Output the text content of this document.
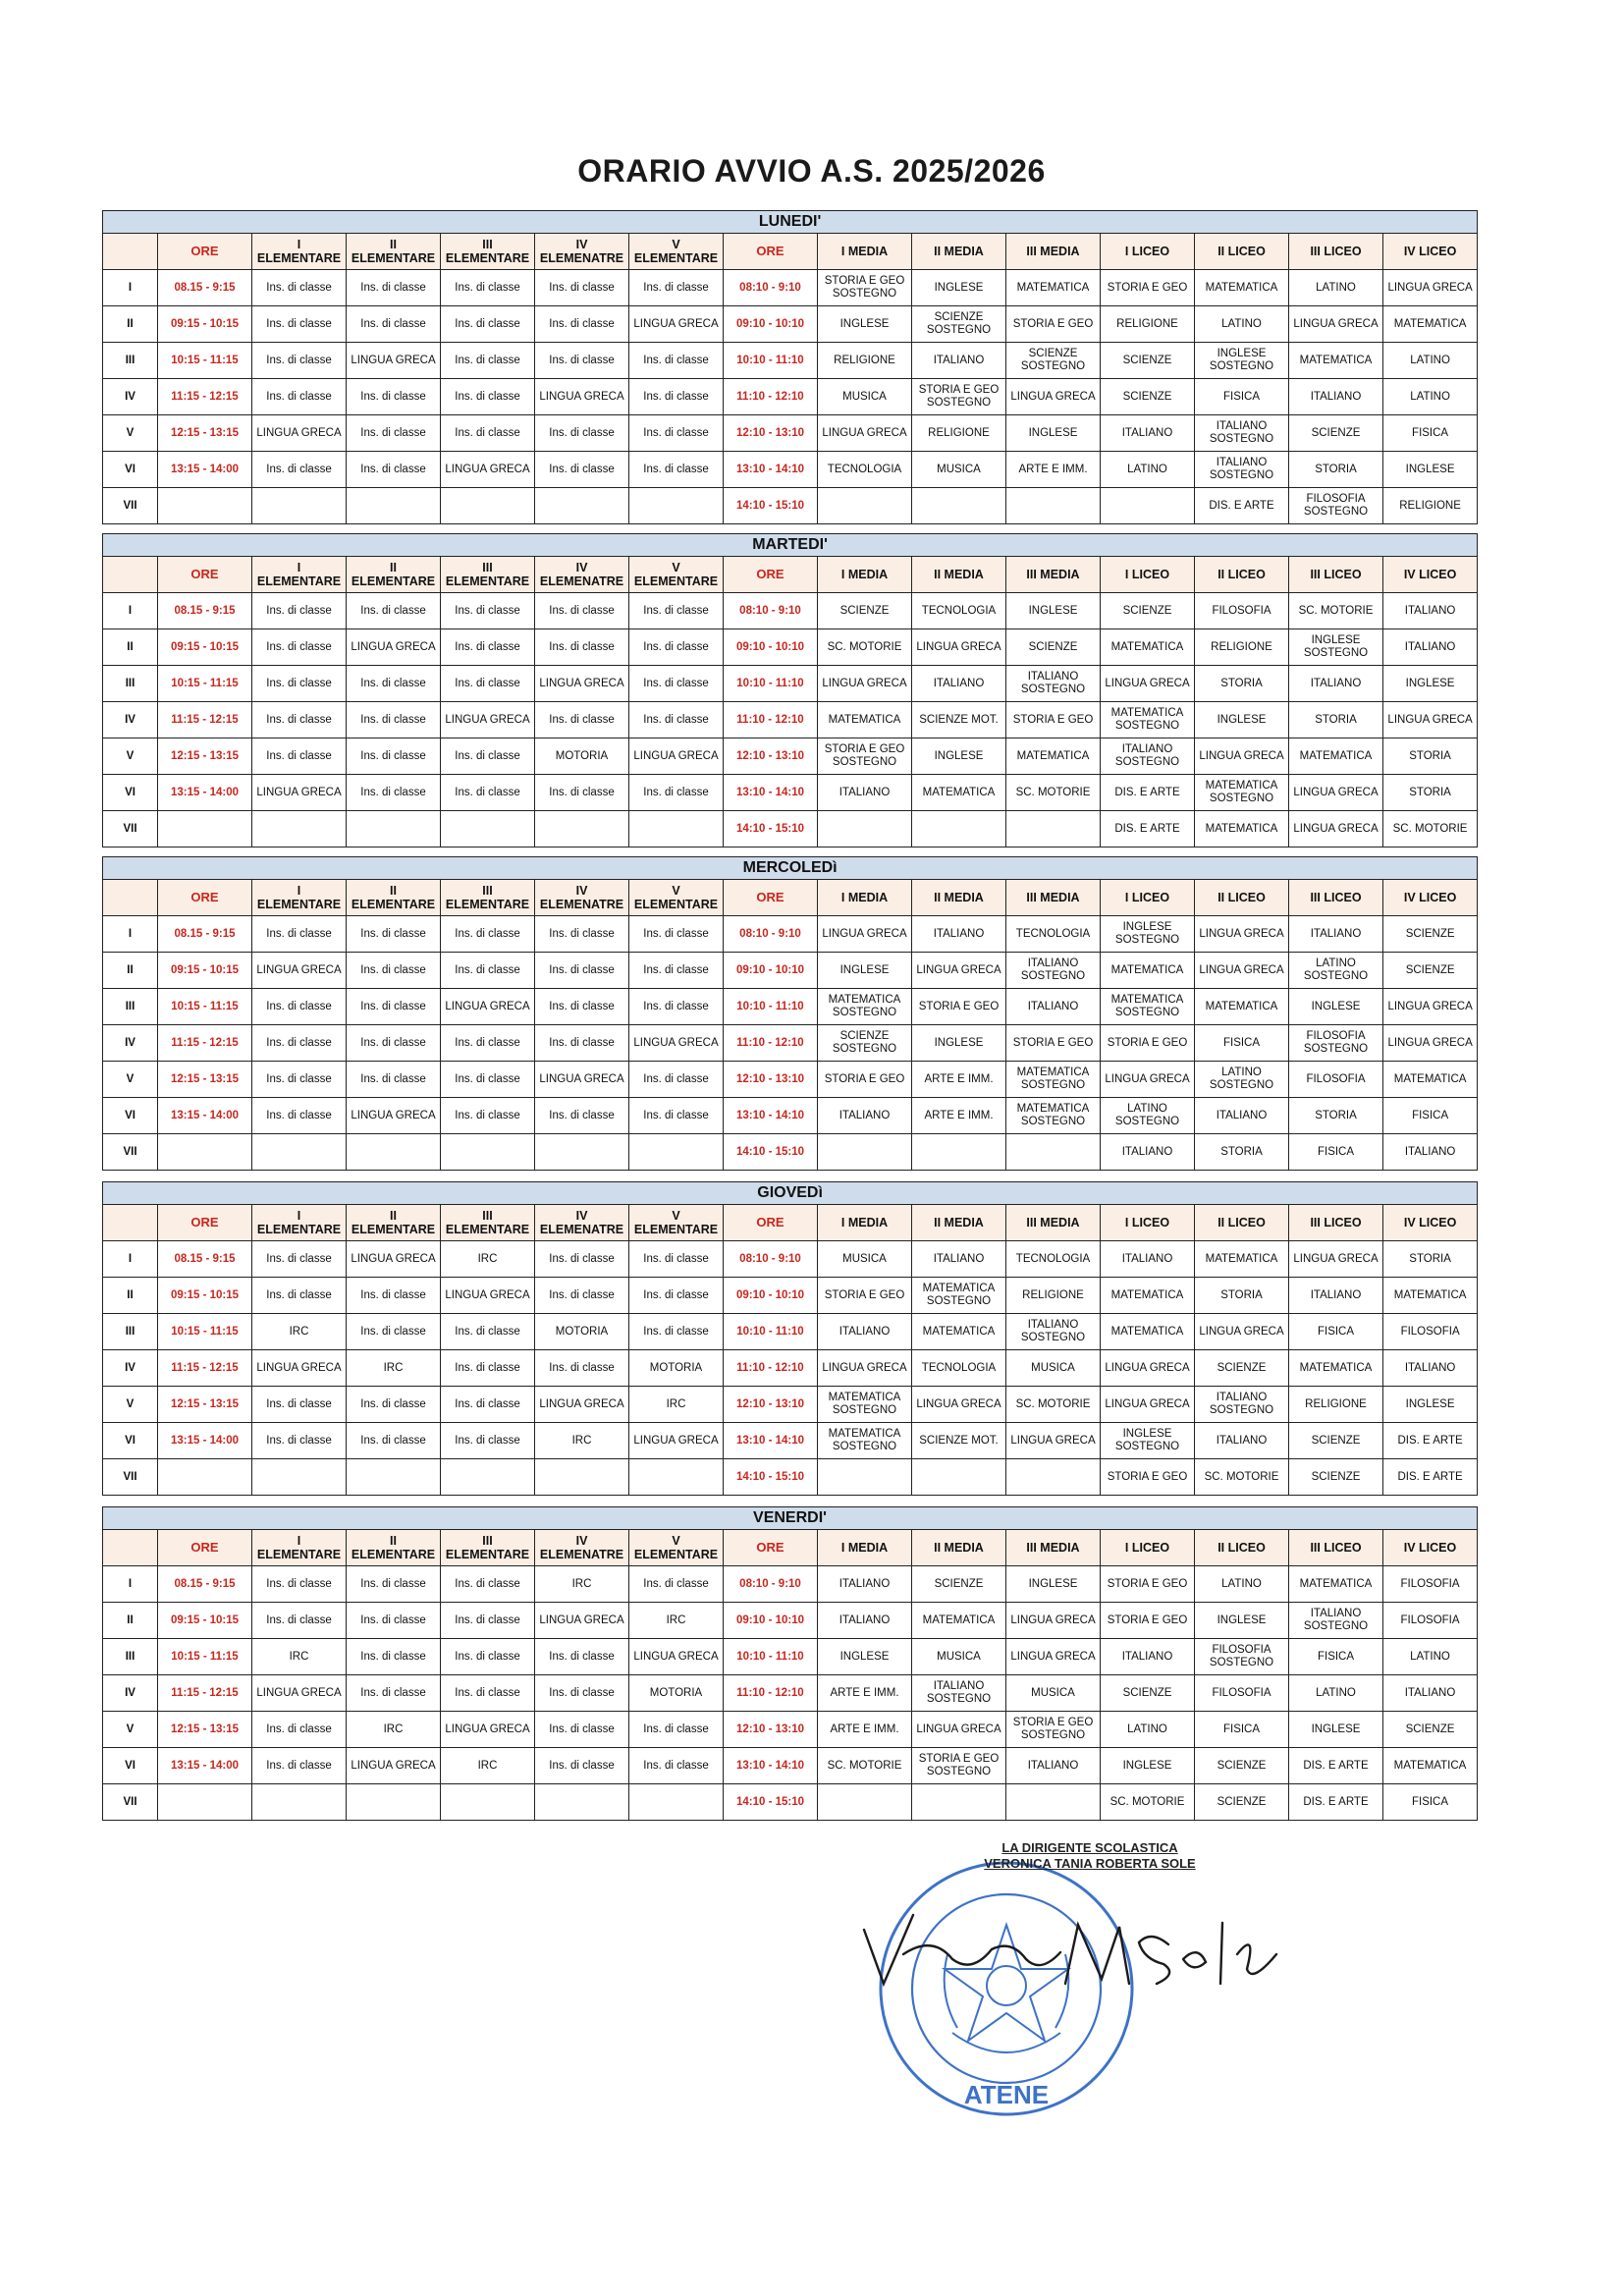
ORARIO AVVIO A.S. 2025/2026
LUNEDI'														
	ORE	I ELEMENTARE	II ELEMENTARE	III ELEMENTARE	IV ELEMENATRE	V ELEMENTARE	ORE	I MEDIA	II MEDIA	III MEDIA	I LICEO	II LICEO	III LICEO	IV LICEO
I	08.15 - 9:15	Ins. di classe	Ins. di classe	Ins. di classe	Ins. di classe	Ins. di classe	08:10 - 9:10	STORIA E GEO SOSTEGNO	INGLESE	MATEMATICA	STORIA E GEO	MATEMATICA	LATINO	LINGUA GRECA
II	09:15 - 10:15	Ins. di classe	Ins. di classe	Ins. di classe	Ins. di classe	LINGUA GRECA	09:10 - 10:10	INGLESE	SCIENZE SOSTEGNO	STORIA E GEO	RELIGIONE	LATINO	LINGUA GRECA	MATEMATICA
III	10:15 - 11:15	Ins. di classe	LINGUA GRECA	Ins. di classe	Ins. di classe	Ins. di classe	10:10 - 11:10	RELIGIONE	ITALIANO	SCIENZE SOSTEGNO	SCIENZE	INGLESE SOSTEGNO	MATEMATICA	LATINO
IV	11:15 - 12:15	Ins. di classe	Ins. di classe	Ins. di classe	LINGUA GRECA	Ins. di classe	11:10 - 12:10	MUSICA	STORIA E GEO SOSTEGNO	LINGUA GRECA	SCIENZE	FISICA	ITALIANO	LATINO
V	12:15 - 13:15	LINGUA GRECA	Ins. di classe	Ins. di classe	Ins. di classe	Ins. di classe	12:10 - 13:10	LINGUA GRECA	RELIGIONE	INGLESE	ITALIANO	ITALIANO SOSTEGNO	SCIENZE	FISICA
VI	13:15 - 14:00	Ins. di classe	Ins. di classe	LINGUA GRECA	Ins. di classe	Ins. di classe	13:10 - 14:10	TECNOLOGIA	MUSICA	ARTE E IMM.	LATINO	ITALIANO SOSTEGNO	STORIA	INGLESE
VII							14:10 - 15:10					DIS. E ARTE	FILOSOFIA SOSTEGNO	RELIGIONE
MARTEDI'														
	ORE	I ELEMENTARE	II ELEMENTARE	III ELEMENTARE	IV ELEMENATRE	V ELEMENTARE	ORE	I MEDIA	II MEDIA	III MEDIA	I LICEO	II LICEO	III LICEO	IV LICEO
I	08.15 - 9:15	Ins. di classe	Ins. di classe	Ins. di classe	Ins. di classe	Ins. di classe	08:10 - 9:10	SCIENZE	TECNOLOGIA	INGLESE	SCIENZE	FILOSOFIA	SC. MOTORIE	ITALIANO
II	09:15 - 10:15	Ins. di classe	LINGUA GRECA	Ins. di classe	Ins. di classe	Ins. di classe	09:10 - 10:10	SC. MOTORIE	LINGUA GRECA	SCIENZE	MATEMATICA	RELIGIONE	INGLESE SOSTEGNO	ITALIANO
III	10:15 - 11:15	Ins. di classe	Ins. di classe	Ins. di classe	LINGUA GRECA	Ins. di classe	10:10 - 11:10	LINGUA GRECA	ITALIANO	ITALIANO SOSTEGNO	LINGUA GRECA	STORIA	ITALIANO	INGLESE
IV	11:15 - 12:15	Ins. di classe	Ins. di classe	LINGUA GRECA	Ins. di classe	Ins. di classe	11:10 - 12:10	MATEMATICA	SCIENZE MOT.	STORIA E GEO	MATEMATICA SOSTEGNO	INGLESE	STORIA	LINGUA GRECA
V	12:15 - 13:15	Ins. di classe	Ins. di classe	Ins. di classe	MOTORIA	LINGUA GRECA	12:10 - 13:10	STORIA E GEO SOSTEGNO	INGLESE	MATEMATICA	ITALIANO SOSTEGNO	LINGUA GRECA	MATEMATICA	STORIA
VI	13:15 - 14:00	LINGUA GRECA	Ins. di classe	Ins. di classe	Ins. di classe	Ins. di classe	13:10 - 14:10	ITALIANO	MATEMATICA	SC. MOTORIE	DIS. E ARTE	MATEMATICA SOSTEGNO	LINGUA GRECA	STORIA
VII							14:10 - 15:10				DIS. E ARTE	MATEMATICA	LINGUA GRECA	SC. MOTORIE
MERCOLEDì														
	ORE	I ELEMENTARE	II ELEMENTARE	III ELEMENTARE	IV ELEMENATRE	V ELEMENTARE	ORE	I MEDIA	II MEDIA	III MEDIA	I LICEO	II LICEO	III LICEO	IV LICEO
I	08.15 - 9:15	Ins. di classe	Ins. di classe	Ins. di classe	Ins. di classe	Ins. di classe	08:10 - 9:10	LINGUA GRECA	ITALIANO	TECNOLOGIA	INGLESE SOSTEGNO	LINGUA GRECA	ITALIANO	SCIENZE
II	09:15 - 10:15	LINGUA GRECA	Ins. di classe	Ins. di classe	Ins. di classe	Ins. di classe	09:10 - 10:10	INGLESE	LINGUA GRECA	ITALIANO SOSTEGNO	MATEMATICA	LINGUA GRECA	LATINO SOSTEGNO	SCIENZE
III	10:15 - 11:15	Ins. di classe	Ins. di classe	LINGUA GRECA	Ins. di classe	Ins. di classe	10:10 - 11:10	MATEMATICA SOSTEGNO	STORIA E GEO	ITALIANO	MATEMATICA SOSTEGNO	MATEMATICA	INGLESE	LINGUA GRECA
IV	11:15 - 12:15	Ins. di classe	Ins. di classe	Ins. di classe	Ins. di classe	LINGUA GRECA	11:10 - 12:10	SCIENZE SOSTEGNO	INGLESE	STORIA E GEO	STORIA E GEO	FISICA	FILOSOFIA SOSTEGNO	LINGUA GRECA
V	12:15 - 13:15	Ins. di classe	Ins. di classe	Ins. di classe	LINGUA GRECA	Ins. di classe	12:10 - 13:10	STORIA E GEO	ARTE E IMM.	MATEMATICA SOSTEGNO	LINGUA GRECA	LATINO SOSTEGNO	FILOSOFIA	MATEMATICA
VI	13:15 - 14:00	Ins. di classe	LINGUA GRECA	Ins. di classe	Ins. di classe	Ins. di classe	13:10 - 14:10	ITALIANO	ARTE E IMM.	MATEMATICA SOSTEGNO	LATINO SOSTEGNO	ITALIANO	STORIA	FISICA
VII							14:10 - 15:10				ITALIANO	STORIA	FISICA	ITALIANO
GIOVEDì														
	ORE	I ELEMENTARE	II ELEMENTARE	III ELEMENTARE	IV ELEMENATRE	V ELEMENTARE	ORE	I MEDIA	II MEDIA	III MEDIA	I LICEO	II LICEO	III LICEO	IV LICEO
I	08.15 - 9:15	Ins. di classe	LINGUA GRECA	IRC	Ins. di classe	Ins. di classe	08:10 - 9:10	MUSICA	ITALIANO	TECNOLOGIA	ITALIANO	MATEMATICA	LINGUA GRECA	STORIA
II	09:15 - 10:15	Ins. di classe	Ins. di classe	LINGUA GRECA	Ins. di classe	Ins. di classe	09:10 - 10:10	STORIA E GEO	MATEMATICA SOSTEGNO	RELIGIONE	MATEMATICA	STORIA	ITALIANO	MATEMATICA
III	10:15 - 11:15	IRC	Ins. di classe	Ins. di classe	MOTORIA	Ins. di classe	10:10 - 11:10	ITALIANO	MATEMATICA	ITALIANO SOSTEGNO	MATEMATICA	LINGUA GRECA	FISICA	FILOSOFIA
IV	11:15 - 12:15	LINGUA GRECA	IRC	Ins. di classe	Ins. di classe	MOTORIA	11:10 - 12:10	LINGUA GRECA	TECNOLOGIA	MUSICA	LINGUA GRECA	SCIENZE	MATEMATICA	ITALIANO
V	12:15 - 13:15	Ins. di classe	Ins. di classe	Ins. di classe	LINGUA GRECA	IRC	12:10 - 13:10	MATEMATICA SOSTEGNO	LINGUA GRECA	SC. MOTORIE	LINGUA GRECA	ITALIANO SOSTEGNO	RELIGIONE	INGLESE
VI	13:15 - 14:00	Ins. di classe	Ins. di classe	Ins. di classe	IRC	LINGUA GRECA	13:10 - 14:10	MATEMATICA SOSTEGNO	SCIENZE MOT.	LINGUA GRECA	INGLESE SOSTEGNO	ITALIANO	SCIENZE	DIS. E ARTE
VII							14:10 - 15:10				STORIA E GEO	SC. MOTORIE	SCIENZE	DIS. E ARTE
VENERDI'														
	ORE	I ELEMENTARE	II ELEMENTARE	III ELEMENTARE	IV ELEMENATRE	V ELEMENTARE	ORE	I MEDIA	II MEDIA	III MEDIA	I LICEO	II LICEO	III LICEO	IV LICEO
I	08.15 - 9:15	Ins. di classe	Ins. di classe	Ins. di classe	IRC	Ins. di classe	08:10 - 9:10	ITALIANO	SCIENZE	INGLESE	STORIA E GEO	LATINO	MATEMATICA	FILOSOFIA
II	09:15 - 10:15	Ins. di classe	Ins. di classe	Ins. di classe	LINGUA GRECA	IRC	09:10 - 10:10	ITALIANO	MATEMATICA	LINGUA GRECA	STORIA E GEO	INGLESE	ITALIANO SOSTEGNO	FILOSOFIA
III	10:15 - 11:15	IRC	Ins. di classe	Ins. di classe	Ins. di classe	LINGUA GRECA	10:10 - 11:10	INGLESE	MUSICA	LINGUA GRECA	ITALIANO	FILOSOFIA SOSTEGNO	FISICA	LATINO
IV	11:15 - 12:15	LINGUA GRECA	Ins. di classe	Ins. di classe	Ins. di classe	MOTORIA	11:10 - 12:10	ARTE E IMM.	ITALIANO SOSTEGNO	MUSICA	SCIENZE	FILOSOFIA	LATINO	ITALIANO
V	12:15 - 13:15	Ins. di classe	IRC	LINGUA GRECA	Ins. di classe	Ins. di classe	12:10 - 13:10	ARTE E IMM.	LINGUA GRECA	STORIA E GEO SOSTEGNO	LATINO	FISICA	INGLESE	SCIENZE
VI	13:15 - 14:00	Ins. di classe	LINGUA GRECA	IRC	Ins. di classe	Ins. di classe	13:10 - 14:10	SC. MOTORIE	STORIA E GEO SOSTEGNO	ITALIANO	INGLESE	SCIENZE	DIS. E ARTE	MATEMATICA
VII							14:10 - 15:10				SC. MOTORIE	SCIENZE	DIS. E ARTE	FISICA
ATENE
LA DIRIGENTE SCOLASTICA
VERONICA TANIA ROBERTA SOLE
